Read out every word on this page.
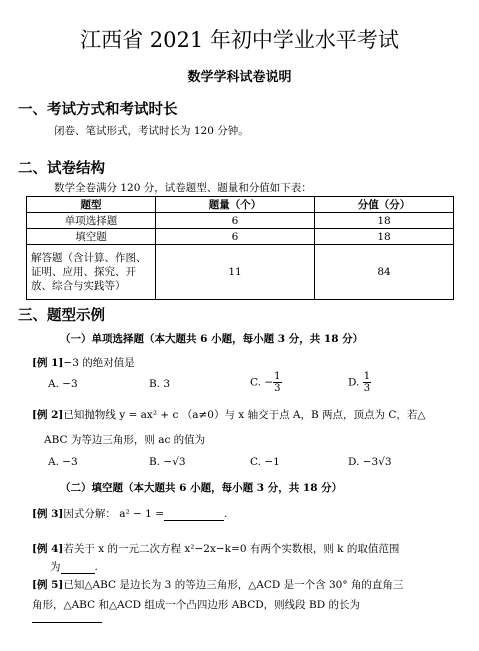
江西省 2021 年初中学业水平考试
数学学科试卷说明
一、考试方式和考试时长
闭卷、笔试形式，考试时长为 120 分钟。
二、试卷结构
数学全卷满分 120 分，试卷题型、题量和分值如下表：
题型	题量（个）	分值（分）
单项选择题	6	18
填空题	6	18
解答题（含计算、作图、证明、应用、探究、开放、综合与实践等）	11	84
三、题型示例
（一）单项选择题（本大题共 6 小题，每小题 3 分，共 18 分）
[例 1]−3 的绝对值是
A. −3	B. 3	C. − $\frac{1}{3}$	D. $\frac{1}{3}$
[例 2]已知抛物线 y = ax² + c （a≠0）与 x 轴交于点 A，B 两点，顶点为 C，若△
ABC 为等边三角形，则 ac 的值为
A. −3	B. −√3	C. −1	D. −3√3
（二）填空题（本大题共 6 小题，每小题 3 分，共 18 分）
[例 3]因式分解： a² − 1 =	.
[例 4]若关于 x 的一元二次方程 x²−2x−k=0 有两个实数根，则 k 的取值范围
为	.
[例 5]已知△ABC 是边长为 3 的等边三角形，△ACD 是一个含 30° 角的直角三
角形，△ABC 和△ACD 组成一个凸四边形 ABCD，则线段 BD 的长为
